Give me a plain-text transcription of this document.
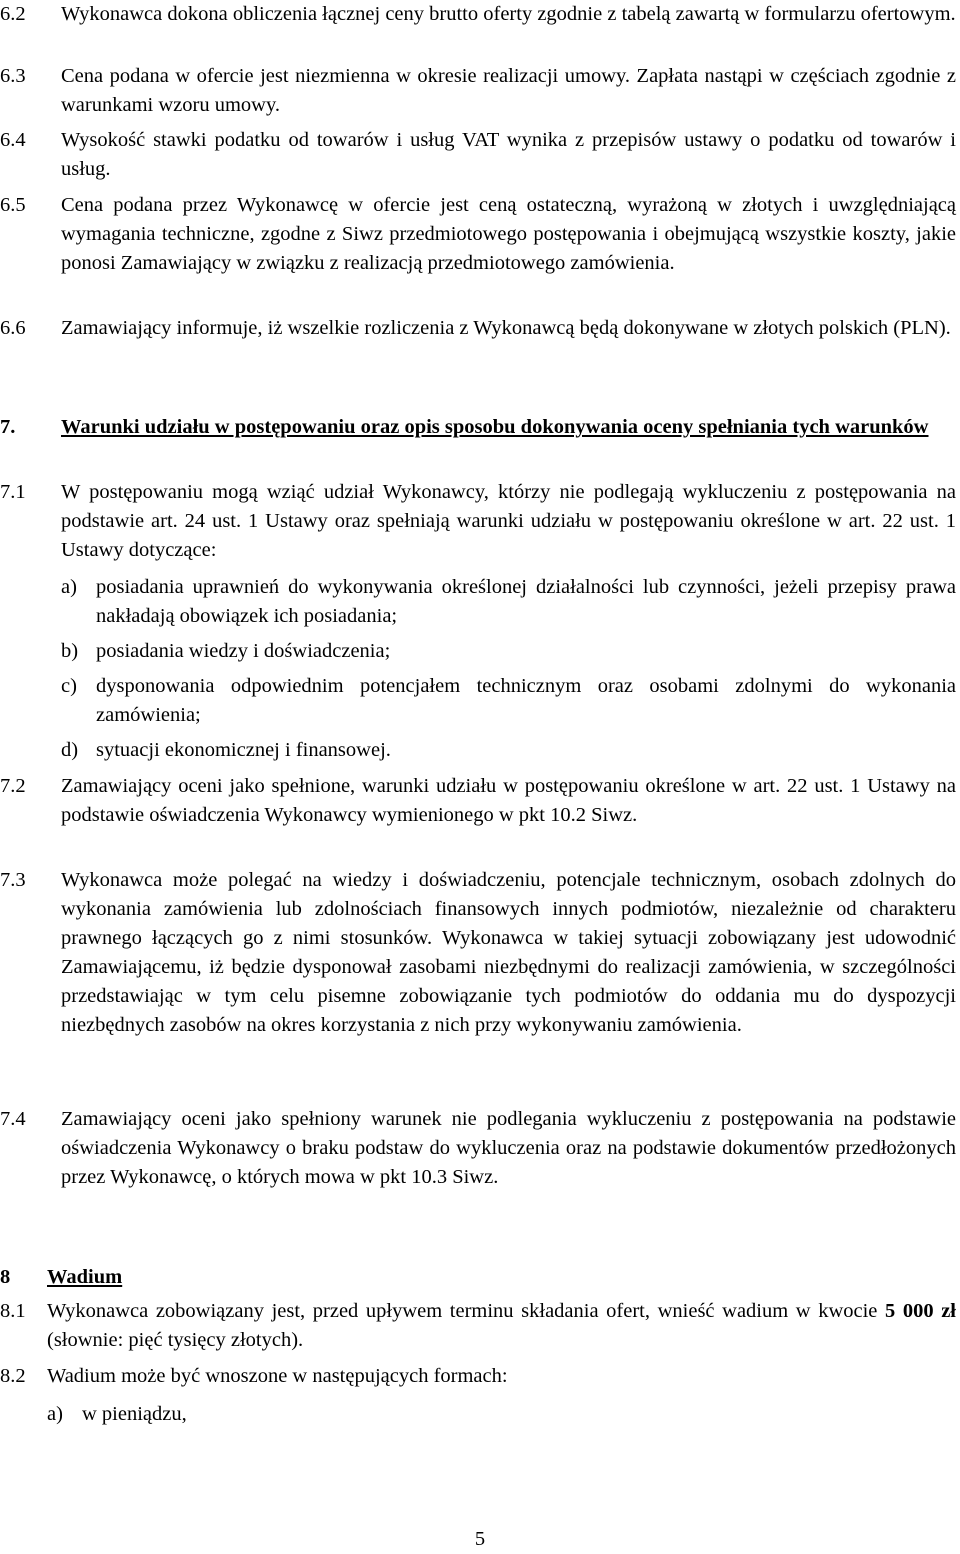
6.2 Wykonawca dokona obliczenia łącznej ceny brutto oferty zgodnie z tabelą zawartą w formularzu ofertowym.
6.3 Cena podana w ofercie jest niezmienna w okresie realizacji umowy. Zapłata nastąpi w częściach zgodnie z warunkami wzoru umowy.
6.4 Wysokość stawki podatku od towarów i usług VAT wynika z przepisów ustawy o podatku od towarów i usług.
6.5 Cena podana przez Wykonawcę w ofercie jest ceną ostateczną, wyrażoną w złotych i uwzględniającą wymagania techniczne, zgodne z Siwz przedmiotowego postępowania i obejmującą wszystkie koszty, jakie ponosi Zamawiający w związku z realizacją przedmiotowego zamówienia.
6.6 Zamawiający informuje, iż wszelkie rozliczenia z Wykonawcą będą dokonywane w złotych polskich (PLN).
7. Warunki udziału w postępowaniu oraz opis sposobu dokonywania oceny spełniania tych warunków
7.1 W postępowaniu mogą wziąć udział Wykonawcy, którzy nie podlegają wykluczeniu z postępowania na podstawie art. 24 ust. 1 Ustawy oraz spełniają warunki udziału w postępowaniu określone w art. 22 ust. 1 Ustawy dotyczące:
a) posiadania uprawnień do wykonywania określonej działalności lub czynności, jeżeli przepisy prawa nakładają obowiązek ich posiadania;
b) posiadania wiedzy i doświadczenia;
c) dysponowania odpowiednim potencjałem technicznym oraz osobami zdolnymi do wykonania zamówienia;
d) sytuacji ekonomicznej i finansowej.
7.2 Zamawiający oceni jako spełnione, warunki udziału w postępowaniu określone w art. 22 ust. 1 Ustawy na podstawie oświadczenia Wykonawcy wymienionego w pkt 10.2 Siwz.
7.3 Wykonawca może polegać na wiedzy i doświadczeniu, potencjale technicznym, osobach zdolnych do wykonania zamówienia lub zdolnościach finansowych innych podmiotów, niezależnie od charakteru prawnego łączących go z nimi stosunków. Wykonawca w takiej sytuacji zobowiązany jest udowodnić Zamawiającemu, iż będzie dysponował zasobami niezbędnymi do realizacji zamówienia, w szczególności przedstawiając w tym celu pisemne zobowiązanie tych podmiotów do oddania mu do dyspozycji niezbędnych zasobów na okres korzystania z nich przy wykonywaniu zamówienia.
7.4 Zamawiający oceni jako spełniony warunek nie podlegania wykluczeniu z postępowania na podstawie oświadczenia Wykonawcy o braku podstaw do wykluczenia oraz na podstawie dokumentów przedłożonych przez Wykonawcę, o których mowa w pkt 10.3 Siwz.
8 Wadium
8.1 Wykonawca zobowiązany jest, przed upływem terminu składania ofert, wnieść wadium w kwocie 5 000 zł (słownie: pięć tysięcy złotych).
8.2 Wadium może być wnoszone w następujących formach:
a) w pieniądzu,
5
